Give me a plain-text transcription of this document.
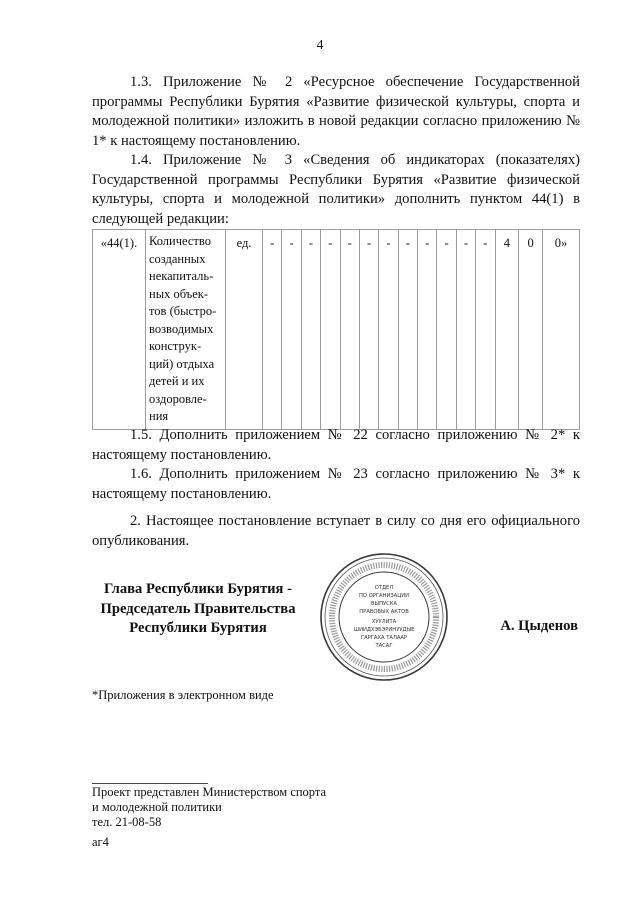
4

1.3. Приложение № 2 «Ресурсное обеспечение Государственной программы Республики Бурятия «Развитие физической культуры, спорта и молодежной политики» изложить в новой редакции согласно приложению № 1* к настоящему постановлению.

1.4. Приложение № 3 «Сведения об индикаторах (показателях) Государственной программы Республики Бурятия «Развитие физической культуры, спорта и молодежной политики» дополнить пунктом 44(1) в следующей редакции:

«44(1).	Количество созданных некапиталь-ных объек-тов (быстро-возводимых конструк-ций) отдыха детей и их оздоровле-ния	ед.	-	-	-	-	-	-	-	-	-	-	-	-	4	0	0»

1.5. Дополнить приложением № 22 согласно приложению № 2* к настоящему постановлению.

1.6. Дополнить приложением № 23 согласно приложению № 3* к настоящему постановлению.

2. Настоящее постановление вступает в силу со дня его официального опубликования.

Глава Республики Бурятия -
Председатель Правительства
Республики Бурятия
ОТДЕЛ
ПО ОРГАНИЗАЦИИ
ВЫПУСКА
ПРАВОВЫХ АКТОВ
ХУУЛИТА
ШИИДХЭБЭРИНУУДЫЕ
ГАРГАХА ТАЛААР
ТАСАГ
А. Цыденов
*Приложения в электронном виде
Проект представлен Министерством спорта
и молодежной политики
тел. 21-08-58
аг4
